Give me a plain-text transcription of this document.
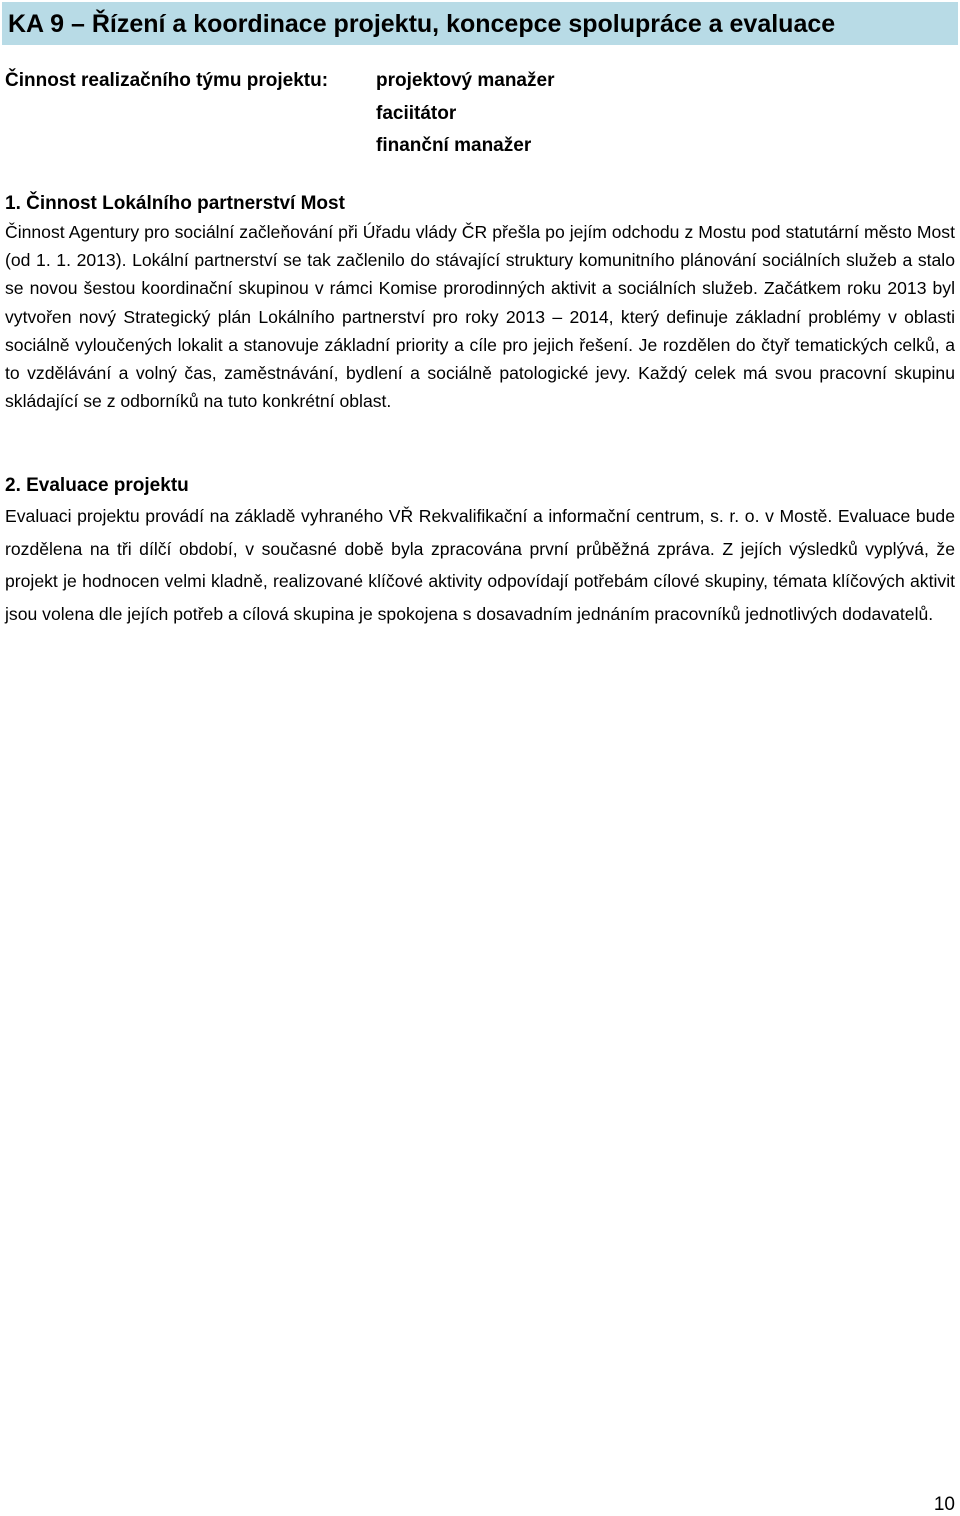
KA 9 – Řízení a koordinace projektu, koncepce spolupráce a evaluace
Činnost realizačního týmu projektu:	projektový manažer
faciitátor
finanční manažer
1. Činnost Lokálního partnerství Most

Činnost Agentury pro sociální začleňování při Úřadu vlády ČR přešla po jejím odchodu z Mostu pod statutární město Most (od 1. 1. 2013). Lokální partnerství se tak začlenilo do stávající struktury komunitního plánování sociálních služeb a stalo se novou šestou koordinační skupinou v rámci Komise prorodinných aktivit a sociálních služeb. Začátkem roku 2013 byl vytvořen nový Strategický plán Lokálního partnerství pro roky 2013 – 2014, který definuje základní problémy v oblasti sociálně vyloučených lokalit a stanovuje základní priority a cíle pro jejich řešení. Je rozdělen do čtyř tematických celků, a to vzdělávání a volný čas, zaměstnávání, bydlení a sociálně patologické jevy. Každý celek má svou pracovní skupinu skládající se z odborníků na tuto konkrétní oblast.

2. Evaluace projektu

Evaluaci projektu provádí na základě vyhraného VŘ Rekvalifikační a informační centrum, s. r. o. v Mostě. Evaluace bude rozdělena na tři dílčí období, v současné době byla zpracována první průběžná zpráva. Z jejích výsledků vyplývá, že projekt je hodnocen velmi kladně, realizované klíčové aktivity odpovídají potřebám cílové skupiny, témata klíčových aktivit jsou volena dle jejích potřeb a cílová skupina je spokojena s dosavadním jednáním pracovníků jednotlivých dodavatelů.

10
